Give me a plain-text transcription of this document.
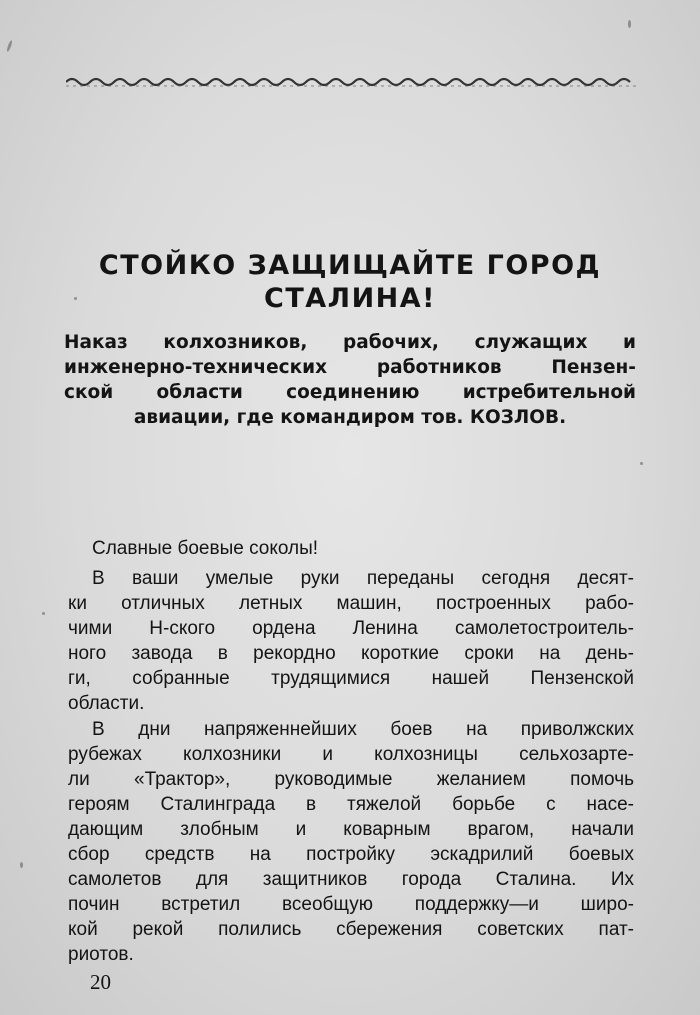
СТОЙКО ЗАЩИЩАЙТЕ ГОРОД
СТАЛИНА!

Наказ колхозников, рабочих, служащих и
инженерно-технических работников Пензен-
ской области соединению истребительной
авиации, где командиром тов. КОЗЛОВ.

Славные боевые соколы!

В ваши умелые руки переданы сегодня десят-
ки отличных летных машин, построенных рабо-
чими Н-ского ордена Ленина самолетостроитель-
ного завода в рекордно короткие сроки на день-
ги, собранные трудящимися нашей Пензенской
области.

В дни напряженнейших боев на приволжских
рубежах колхозники и колхозницы сельхозарте-
ли «Трактор», руководимые желанием помочь
героям Сталинграда в тяжелой борьбе с насе-
дающим злобным и коварным врагом, начали
сбор средств на постройку эскадрилий боевых
самолетов для защитников города Сталина. Их
почин встретил всеобщую поддержку—и широ-
кой рекой полились сбережения советских пат-
риотов.

20
